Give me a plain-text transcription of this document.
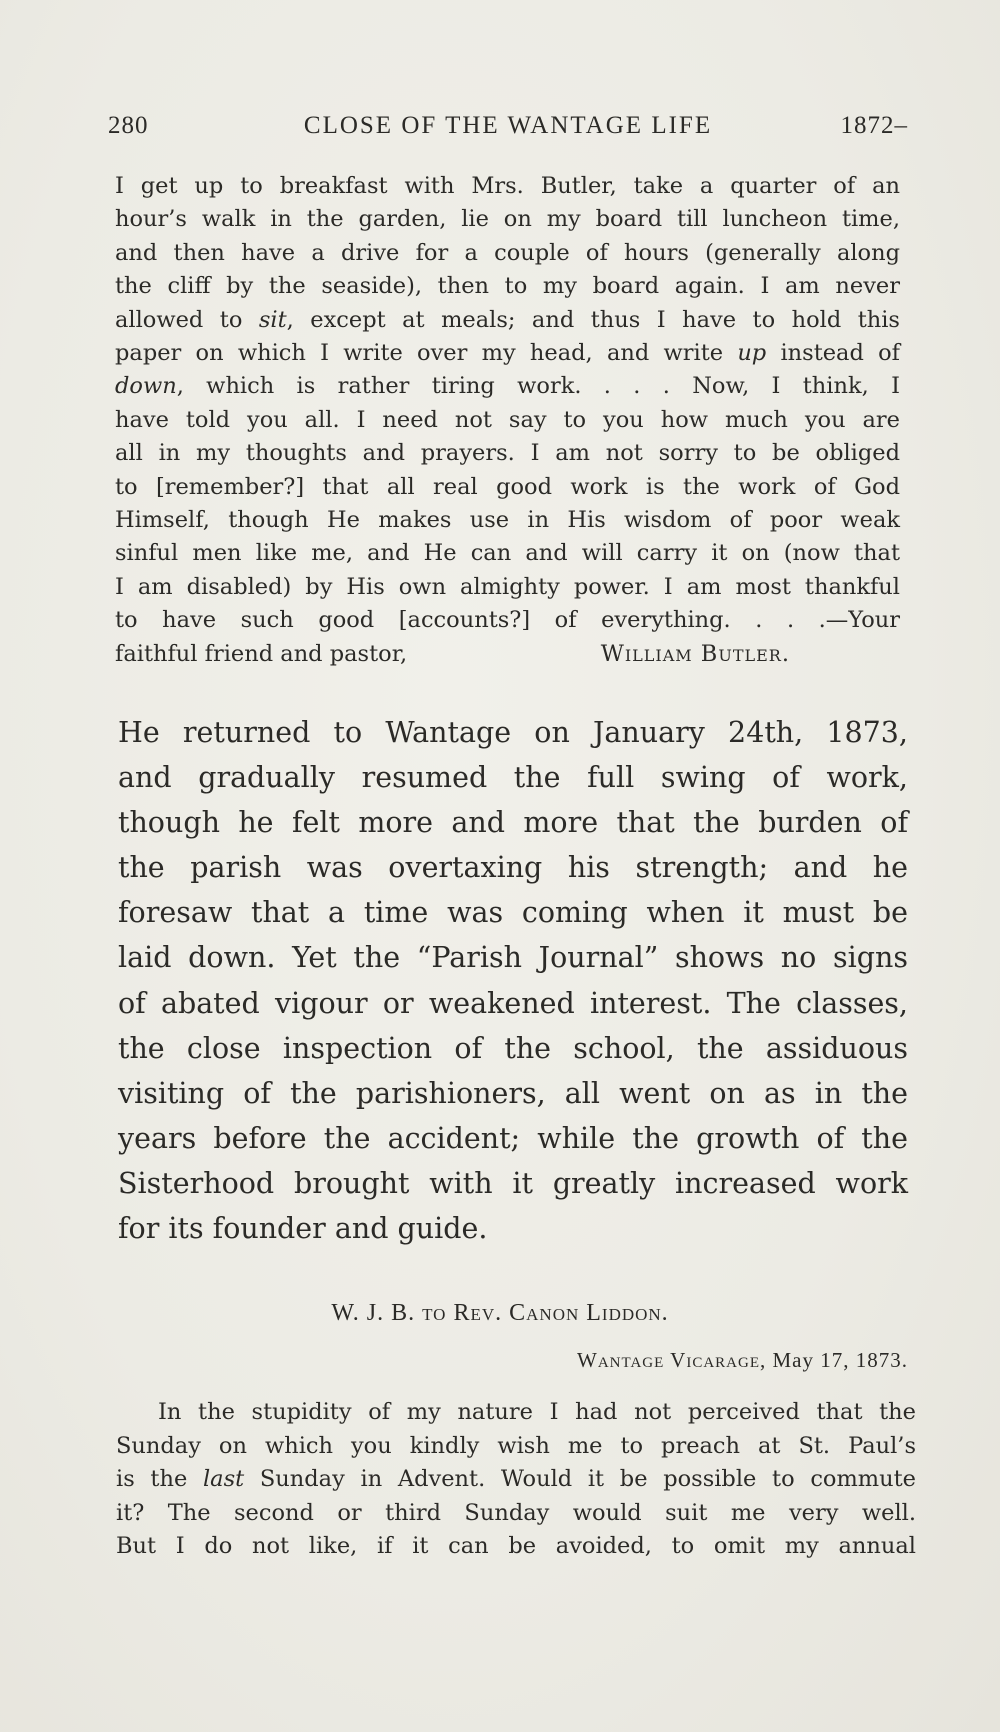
280	CLOSE OF THE WANTAGE LIFE	1872–
I get up to breakfast with Mrs. Butler, take a quarter of an
hour’s walk in the garden, lie on my board till luncheon time,
and then have a drive for a couple of hours (generally along
the cliff by the seaside), then to my board again. I am never
allowed to sit, except at meals; and thus I have to hold this
paper on which I write over my head, and write up instead of
down, which is rather tiring work. . . . Now, I think, I
have told you all. I need not say to you how much you are
all in my thoughts and prayers. I am not sorry to be obliged
to [remember?] that all real good work is the work of God
Himself, though He makes use in His wisdom of poor weak
sinful men like me, and He can and will carry it on (now that
I am disabled) by His own almighty power. I am most thankful
to have such good [accounts?] of everything. . . .—Your
faithful friend and pastor,	William Butler.
He returned to Wantage on January 24th, 1873,
and gradually resumed the full swing of work,
though he felt more and more that the burden of
the parish was overtaxing his strength; and he
foresaw that a time was coming when it must be
laid down. Yet the “Parish Journal” shows no signs
of abated vigour or weakened interest. The classes,
the close inspection of the school, the assiduous
visiting of the parishioners, all went on as in the
years before the accident; while the growth of the
Sisterhood brought with it greatly increased work
for its founder and guide.
W. J. B. to Rev. Canon Liddon.
Wantage Vicarage, May 17, 1873.
In the stupidity of my nature I had not perceived that the
Sunday on which you kindly wish me to preach at St. Paul’s
is the last Sunday in Advent. Would it be possible to commute
it? The second or third Sunday would suit me very well.
But I do not like, if it can be avoided, to omit my annual
